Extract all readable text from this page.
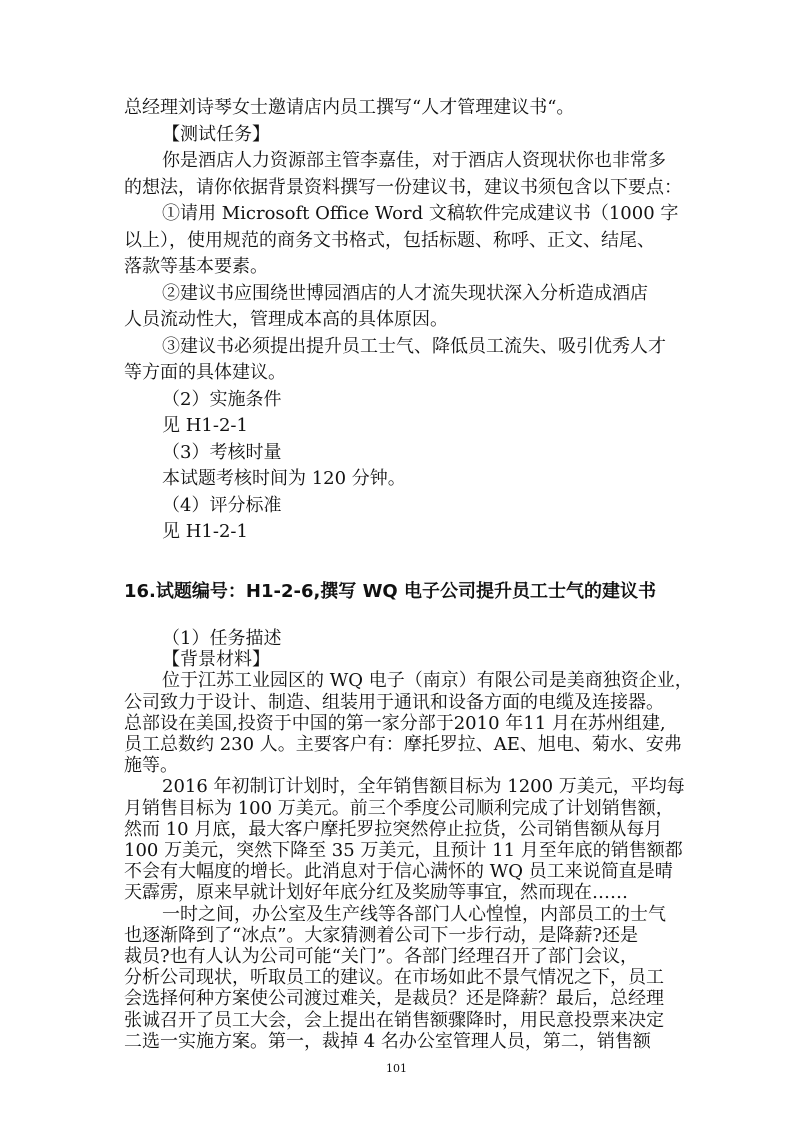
总经理刘诗琴女士邀请店内员工撰写“人才管理建议书“。
【测试任务】
你是酒店人力资源部主管李嘉佳，对于酒店人资现状你也非常多
的想法，请你依据背景资料撰写一份建议书，建议书须包含以下要点：
①请用 Microsoft Office Word 文稿软件完成建议书（1000 字
以上），使用规范的商务文书格式，包括标题、称呼、正文、结尾、
落款等基本要素。
②建议书应围绕世博园酒店的人才流失现状深入分析造成酒店
人员流动性大，管理成本高的具体原因。
③建议书必须提出提升员工士气、降低员工流失、吸引优秀人才
等方面的具体建议。
（2）实施条件
见 H1-2-1
（3）考核时量
本试题考核时间为 120 分钟。
（4）评分标准
见 H1-2-1
16.试题编号：H1-2-6,撰写 WQ 电子公司提升员工士气的建议书
101
（1）任务描述
【背景材料】
位于江苏工业园区的 WQ 电子（南京）有限公司是美商独资企业，
公司致力于设计、制造、组装用于通讯和设备方面的电缆及连接器。
总部设在美国,投资于中国的第一家分部于2010 年11 月在苏州组建,
员工总数约 230 人。主要客户有：摩托罗拉、AE、旭电、菊水、安弗
施等。
2016 年初制订计划时，全年销售额目标为 1200 万美元，平均每
月销售目标为 100 万美元。前三个季度公司顺利完成了计划销售额，
然而 10 月底，最大客户摩托罗拉突然停止拉货，公司销售额从每月
100 万美元，突然下降至 35 万美元，且预计 11 月至年底的销售额都
不会有大幅度的增长。此消息对于信心满怀的 WQ 员工来说简直是晴
天霹雳，原来早就计划好年底分红及奖励等事宜，然而现在……
一时之间，办公室及生产线等各部门人心惶惶，内部员工的士气
也逐渐降到了“冰点”。大家猜测着公司下一步行动，是降薪?还是
裁员?也有人认为公司可能“关门”。各部门经理召开了部门会议，
分析公司现状，听取员工的建议。在市场如此不景气情况之下，员工
会选择何种方案使公司渡过难关，是裁员？还是降薪？最后，总经理
张诚召开了员工大会，会上提出在销售额骤降时，用民意投票来决定
二选一实施方案。第一，裁掉 4 名办公室管理人员，第二，销售额
